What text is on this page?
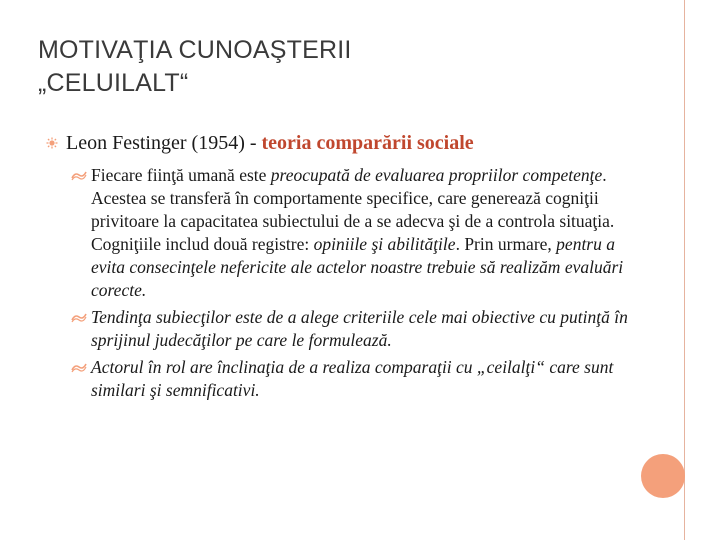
MOTIVAŢIA CUNOAŞTERII
„CELUILALT“
Leon Festinger (1954) - teoria comparării sociale
Fiecare fiinţă umană este preocupată de evaluarea propriilor competenţe. Acestea se transferă în comportamente specifice, care generează cogniţii privitoare la capacitatea subiectului de a se adecva şi de a controla situaţia. Cogniţiile includ două registre: opiniile şi abilităţile. Prin urmare, pentru a evita consecinţele nefericite ale actelor noastre trebuie să realizăm evaluări corecte.
Tendinţa subiecţilor este de a alege criteriile cele mai obiective cu putinţă în sprijinul judecăţilor pe care le formulează.
Actorul în rol are înclinaţia de a realiza comparaţii cu „ceilalţi“ care sunt similari şi semnificativi.
